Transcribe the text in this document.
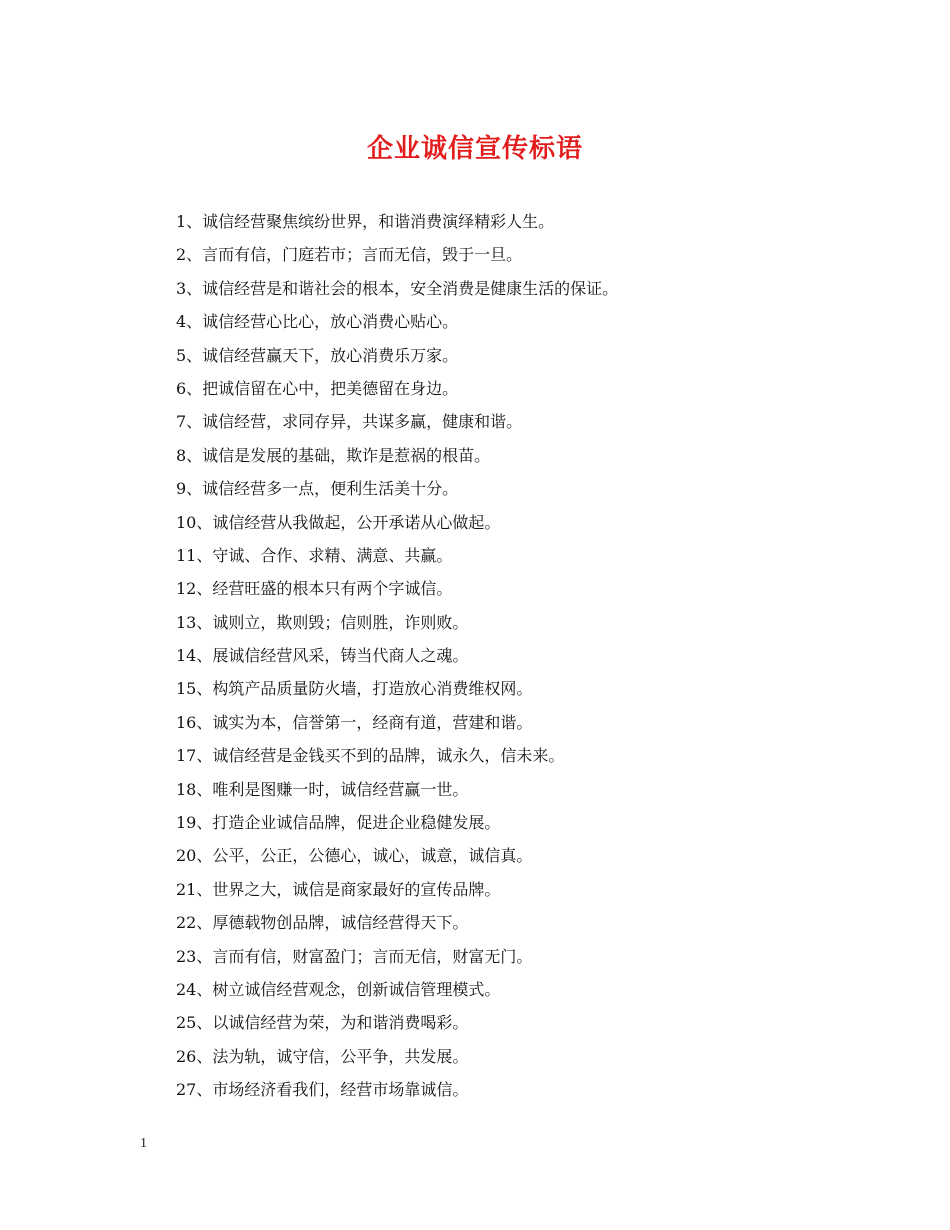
企业诚信宣传标语
1、诚信经营聚焦缤纷世界，和谐消费演绎精彩人生。
2、言而有信，门庭若市；言而无信，毁于一旦。
3、诚信经营是和谐社会的根本，安全消费是健康生活的保证。
4、诚信经营心比心，放心消费心贴心。
5、诚信经营赢天下，放心消费乐万家。
6、把诚信留在心中，把美德留在身边。
7、诚信经营，求同存异，共谋多赢，健康和谐。
8、诚信是发展的基础，欺诈是惹祸的根苗。
9、诚信经营多一点，便利生活美十分。
10、诚信经营从我做起，公开承诺从心做起。
11、守诚、合作、求精、满意、共赢。
12、经营旺盛的根本只有两个字诚信。
13、诚则立，欺则毁；信则胜，诈则败。
14、展诚信经营风采，铸当代商人之魂。
15、构筑产品质量防火墙，打造放心消费维权网。
16、诚实为本，信誉第一，经商有道，营建和谐。
17、诚信经营是金钱买不到的品牌，诚永久，信未来。
18、唯利是图赚一时，诚信经营赢一世。
19、打造企业诚信品牌，促进企业稳健发展。
20、公平，公正，公德心，诚心，诚意，诚信真。
21、世界之大，诚信是商家最好的宣传品牌。
22、厚德载物创品牌，诚信经营得天下。
23、言而有信，财富盈门；言而无信，财富无门。
24、树立诚信经营观念，创新诚信管理模式。
25、以诚信经营为荣，为和谐消费喝彩。
26、法为轨，诚守信，公平争，共发展。
27、市场经济看我们，经营市场靠诚信。
1
